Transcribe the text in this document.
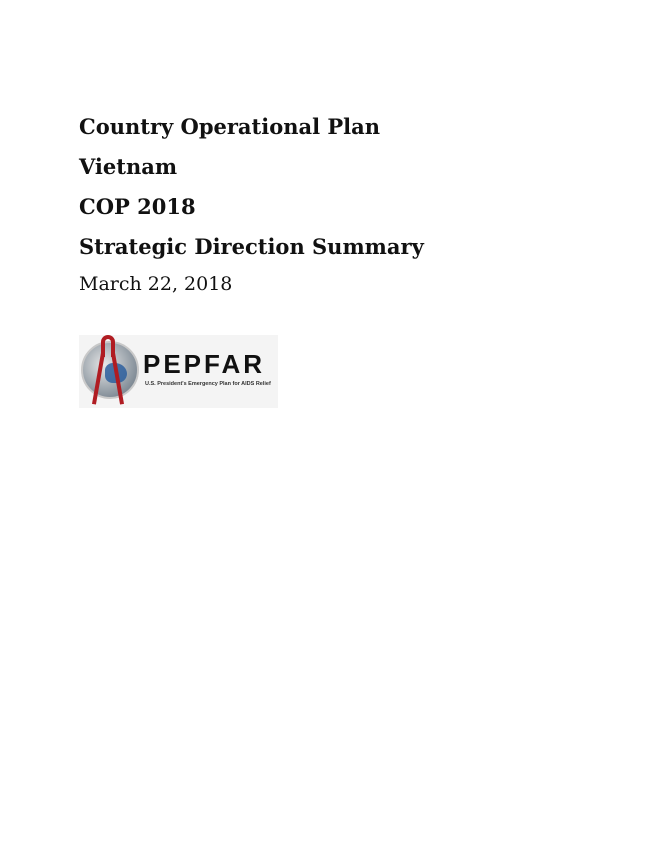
Country Operational Plan
Vietnam
COP 2018
Strategic Direction Summary
March 22, 2018
PEPFAR
U.S. President's Emergency Plan for AIDS Relief
